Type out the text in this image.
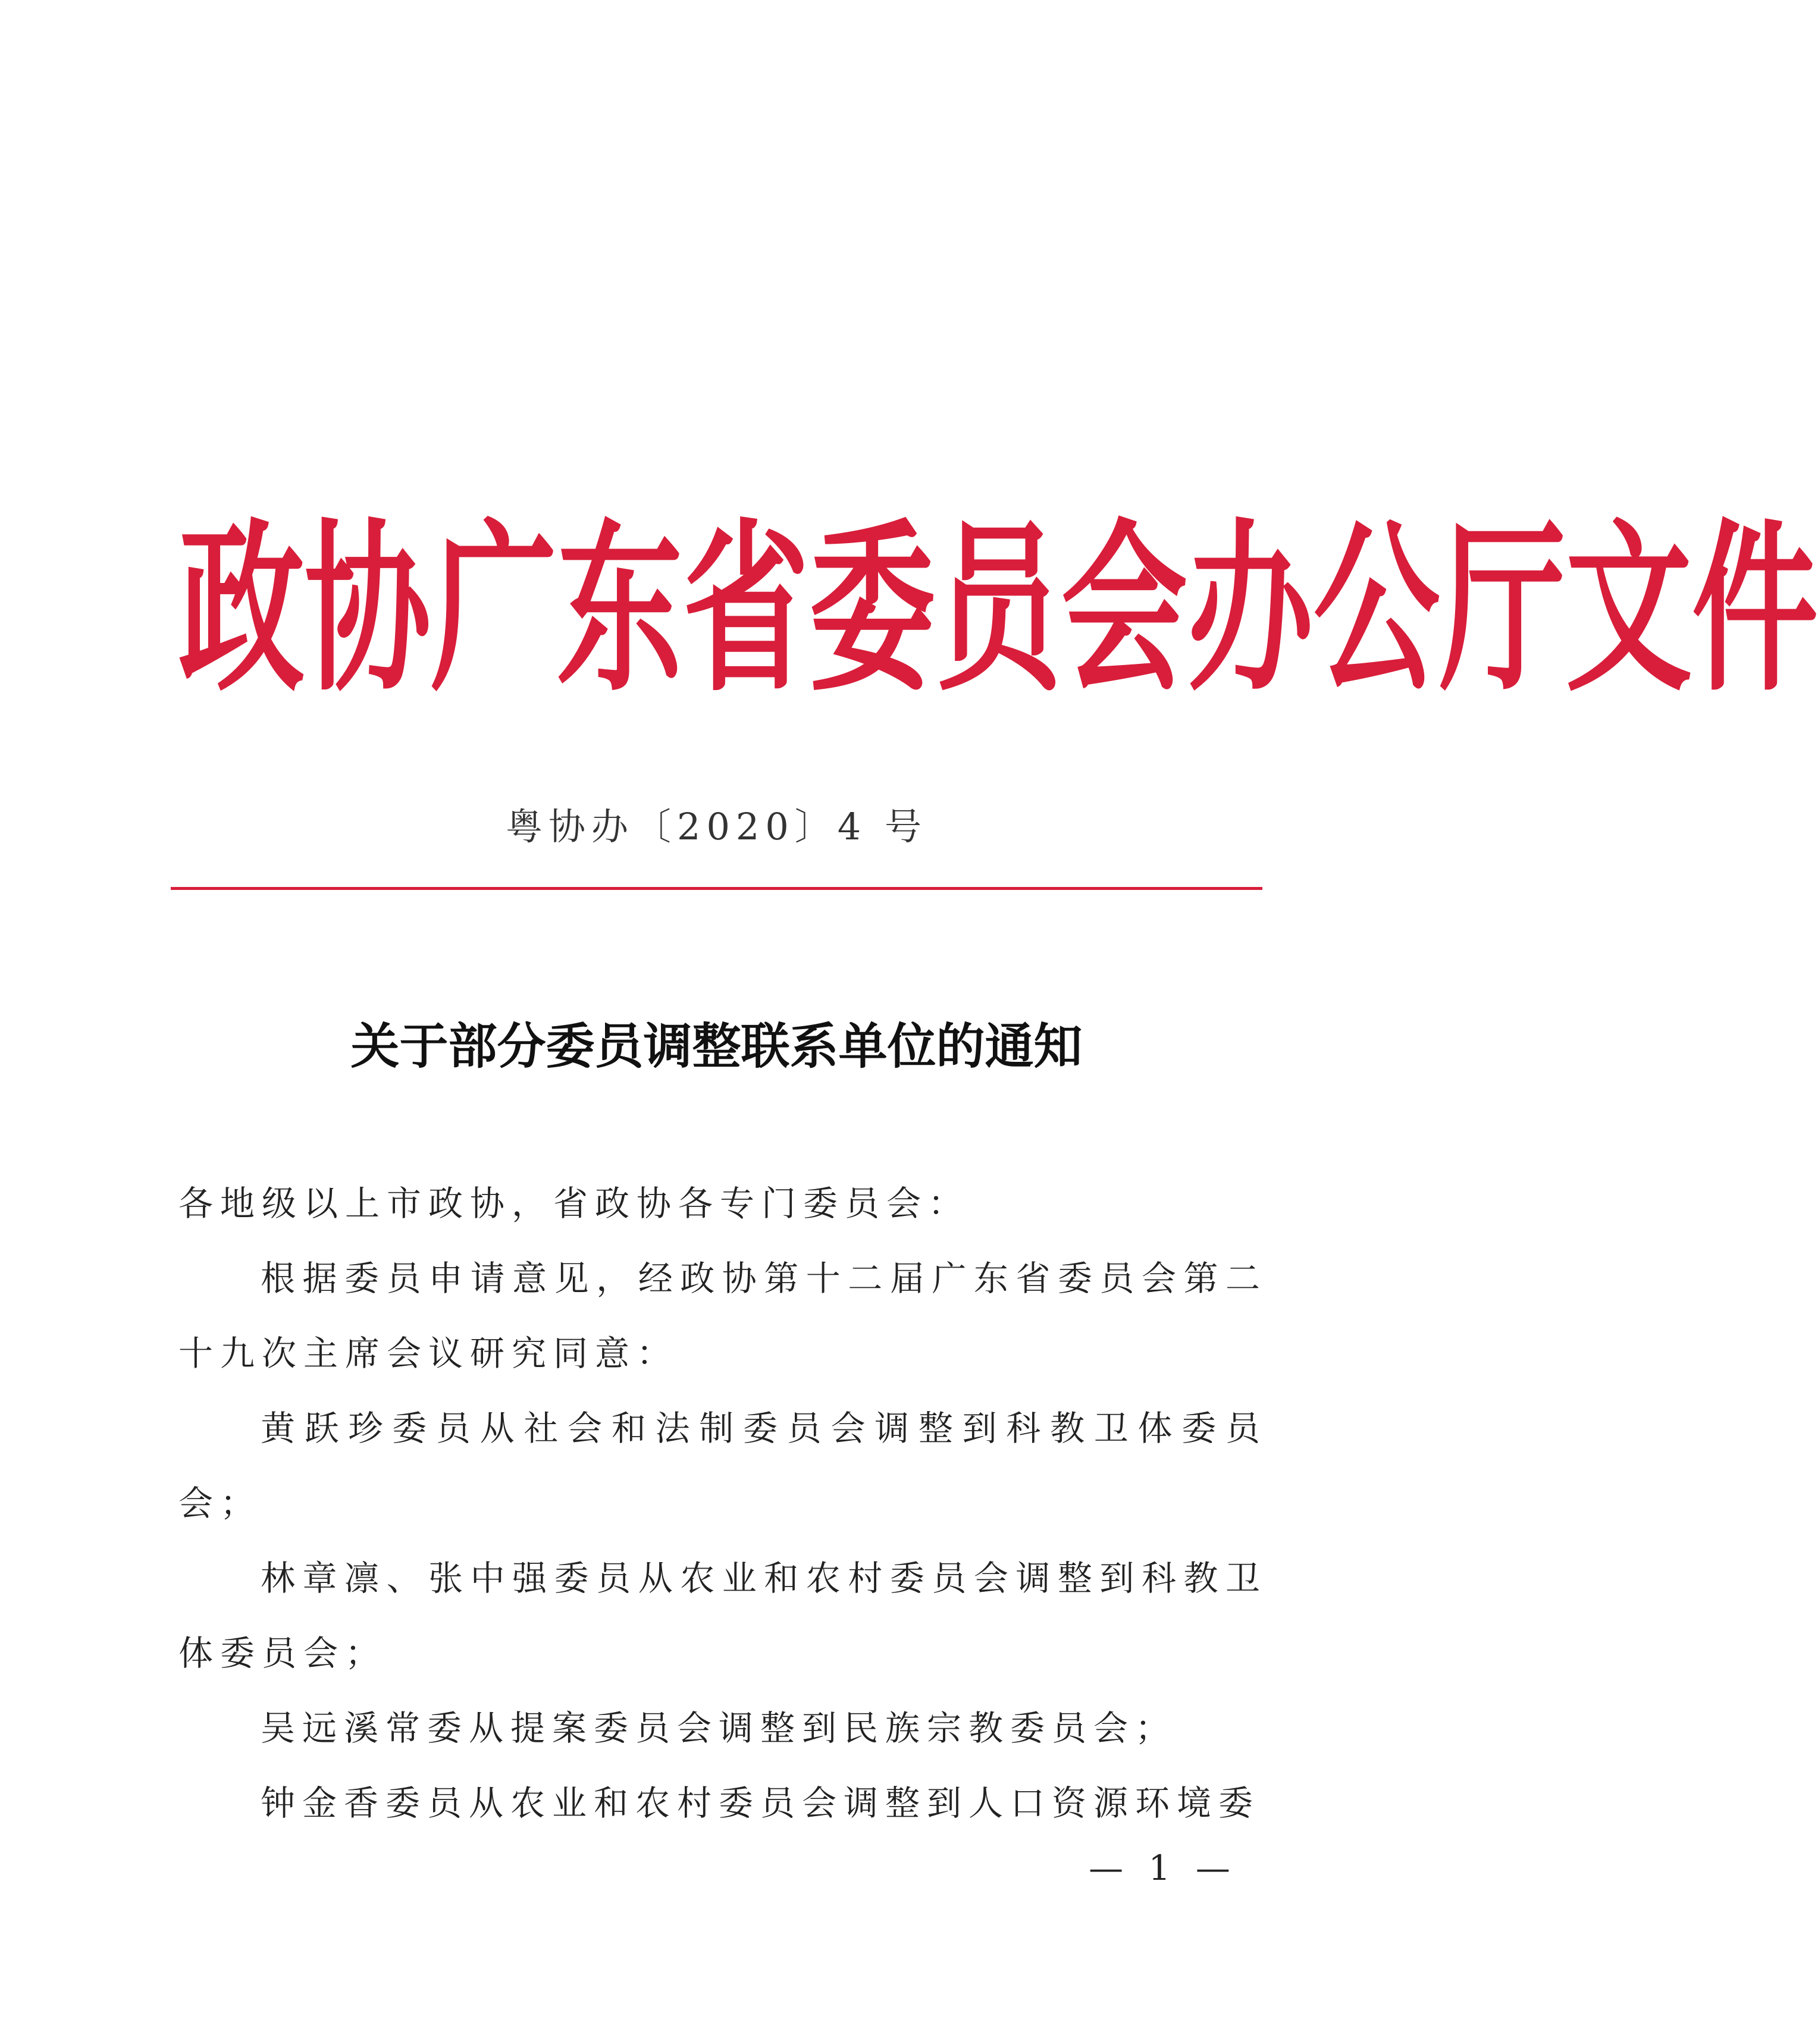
政 协 广 东 省 委 员 会 办 公 厅 文 件
粤协办〔2020〕4 号
关于部分委员调整联系单位的通知

各地级以上市政协，省政协各专门委员会：

根据委员申请意见，经政协第十二届广东省委员会第二十九次主席会议研究同意：

黄跃珍委员从社会和法制委员会调整到科教卫体委员会；

林章凛、张中强委员从农业和农村委员会调整到科教卫体委员会；

吴远溪常委从提案委员会调整到民族宗教委员会；

钟金香委员从农业和农村委员会调整到人口资源环境委

— 1 —
